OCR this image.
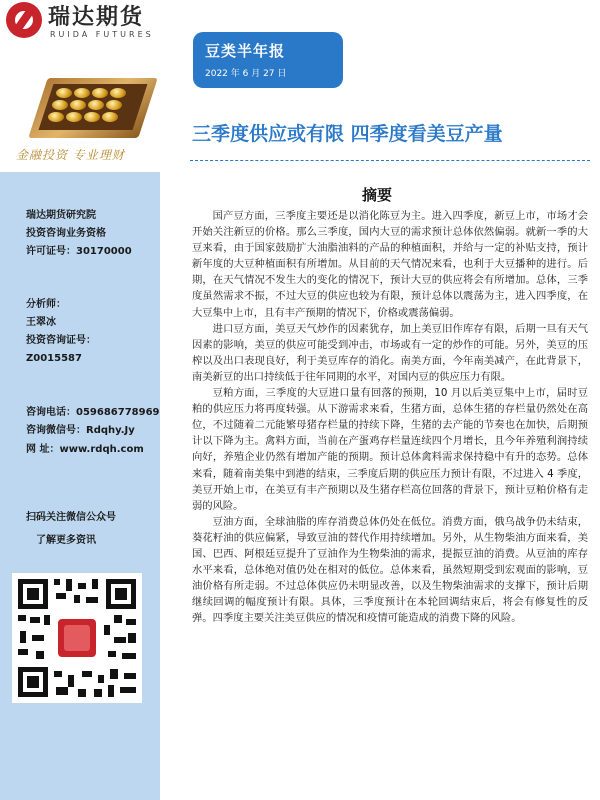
瑞达期货
RUIDA FUTURES
金融投资 专业理财
瑞达期货研究院
投资咨询业务资格
许可证号：30170000
分析师：
王翠冰
投资咨询证号：
Z0015587
咨询电话：059686778969
咨询微信号：Rdqhy.Jy
网 址：www.rdqh.com
扫码关注微信公众号
了解更多资讯
豆类半年报
2022 年 6 月 27 日
三季度供应或有限 四季度看美豆产量
摘要

国产豆方面，三季度主要还是以消化陈豆为主。进入四季度，新豆上市，市场才会开始关注新豆的价格。那么三季度，国内大豆的需求预计总体依然偏弱。就新一季的大豆来看，由于国家鼓励扩大油脂油料的产品的种植面积，并给与一定的补贴支持，预计新年度的大豆种植面积有所增加。从目前的天气情况来看，也利于大豆播种的进行。后期，在天气情况不发生大的变化的情况下，预计大豆的供应将会有所增加。总体，三季度虽然需求不振，不过大豆的供应也较为有限，预计总体以震荡为主，进入四季度，在大豆集中上市，且有丰产预期的情况下，价格或震荡偏弱。

进口豆方面，美豆天气炒作的因素犹存，加上美豆旧作库存有限，后期一旦有天气因素的影响，美豆的供应可能受到冲击，市场或有一定的炒作的可能。另外，美豆的压榨以及出口表现良好，利于美豆库存的消化。南美方面，今年南美减产，在此背景下，南美新豆的出口持续低于往年同期的水平，对国内豆的供应压力有限。

豆粕方面，三季度的大豆进口量有回落的预期，10 月以后美豆集中上市，届时豆粕的供应压力将再度转强。从下游需求来看，生猪方面，总体生猪的存栏量仍然处在高位，不过随着二元能繁母猪存栏量的持续下降，生猪的去产能的节奏也在加快，后期预计以下降为主。禽料方面，当前在产蛋鸡存栏量连续四个月增长，且今年养殖利润持续向好，养殖企业仍然有增加产能的预期。预计总体禽料需求保持稳中有升的态势。总体来看，随着南美集中到港的结束，三季度后期的供应压力预计有限，不过进入 4 季度，美豆开始上市，在美豆有丰产预期以及生猪存栏高位回落的背景下，预计豆粕价格有走弱的风险。

豆油方面，全球油脂的库存消费总体仍处在低位。消费方面，俄乌战争仍未结束，葵花籽油的供应偏紧，导致豆油的替代作用持续增加。另外，从生物柴油方面来看，美国、巴西、阿根廷豆提升了豆油作为生物柴油的需求，提振豆油的消费。从豆油的库存水平来看，总体绝对值仍处在相对的低位。总体来看，虽然短期受到宏观面的影响，豆油价格有所走弱。不过总体供应仍未明显改善，以及生物柴油需求的支撑下，预计后期继续回调的幅度预计有限。具体，三季度预计在本轮回调结束后，将会有修复性的反弹。四季度主要关注美豆供应的情况和疫情可能造成的消费下降的风险。
